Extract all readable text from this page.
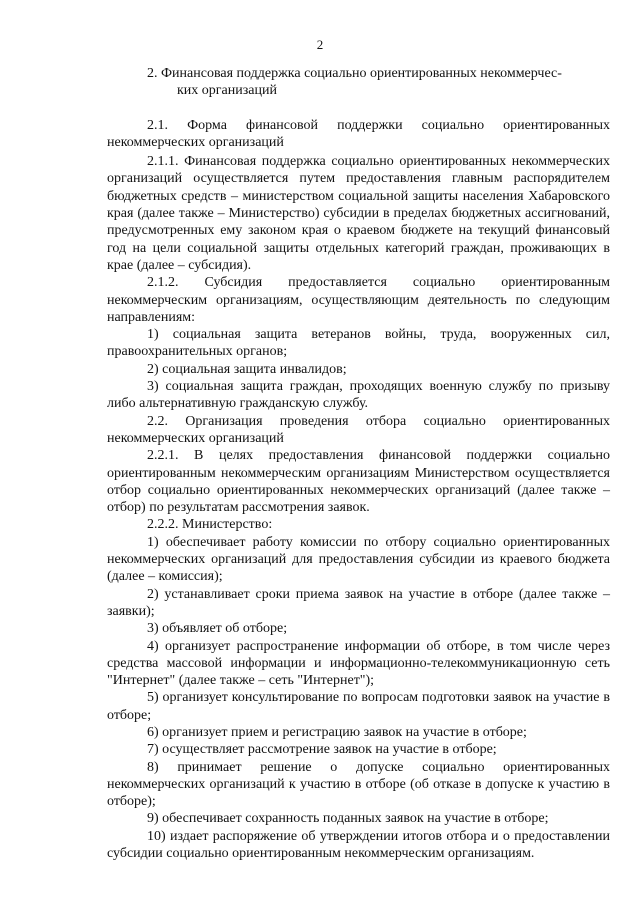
2
2. Финансовая поддержка социально ориентированных некоммерчес-
ких организаций

2.1. Форма финансовой поддержки социально ориентированных некоммерческих организаций

2.1.1. Финансовая поддержка социально ориентированных некоммерческих организаций осуществляется путем предоставления главным распорядителем бюджетных средств – министерством социальной защиты населения Хабаровского края (далее также – Министерство) субсидии в пределах бюджетных ассигнований, предусмотренных ему законом края о краевом бюджете на текущий финансовый год на цели социальной защиты отдельных категорий граждан, проживающих в крае (далее – субсидия).

2.1.2. Субсидия предоставляется социально ориентированным некоммерческим организациям, осуществляющим деятельность по следующим направлениям:

1) социальная защита ветеранов войны, труда, вооруженных сил, правоохранительных органов;

2) социальная защита инвалидов;

3) социальная защита граждан, проходящих военную службу по призыву либо альтернативную гражданскую службу.

2.2. Организация проведения отбора социально ориентированных некоммерческих организаций

2.2.1. В целях предоставления финансовой поддержки социально ориентированным некоммерческим организациям Министерством осуществляется отбор социально ориентированных некоммерческих организаций (далее также – отбор) по результатам рассмотрения заявок.

2.2.2. Министерство:

1) обеспечивает работу комиссии по отбору социально ориентированных некоммерческих организаций для предоставления субсидии из краевого бюджета (далее – комиссия);

2) устанавливает сроки приема заявок на участие в отборе (далее также – заявки);

3) объявляет об отборе;

4) организует распространение информации об отборе, в том числе через средства массовой информации и информационно-телекоммуникационную сеть "Интернет" (далее также – сеть "Интернет");

5) организует консультирование по вопросам подготовки заявок на участие в отборе;

6) организует прием и регистрацию заявок на участие в отборе;

7) осуществляет рассмотрение заявок на участие в отборе;

8) принимает решение о допуске социально ориентированных некоммерческих организаций к участию в отборе (об отказе в допуске к участию в отборе);

9) обеспечивает сохранность поданных заявок на участие в отборе;

10) издает распоряжение об утверждении итогов отбора и о предоставлении субсидии социально ориентированным некоммерческим организациям.
